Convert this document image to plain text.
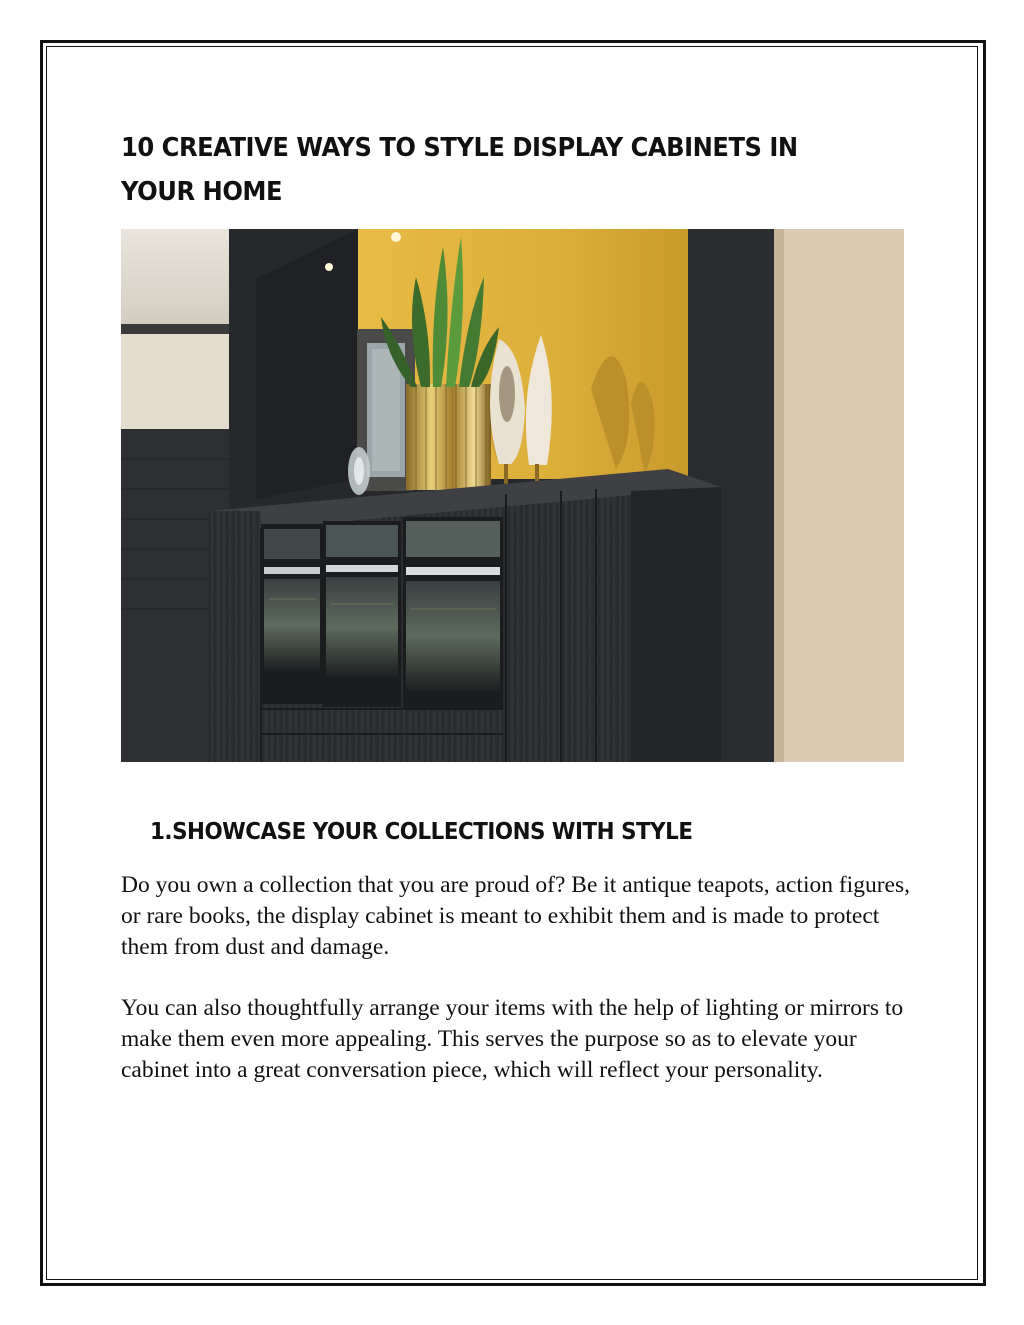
10 CREATIVE WAYS TO STYLE DISPLAY CABINETS IN YOUR HOME
1.SHOWCASE YOUR COLLECTIONS WITH STYLE

Do you own a collection that you are proud of? Be it antique teapots, action figures, or rare books, the display cabinet is meant to exhibit them and is made to protect them from dust and damage.

You can also thoughtfully arrange your items with the help of lighting or mirrors to make them even more appealing. This serves the purpose so as to elevate your cabinet into a great conversation piece, which will reflect your personality.
